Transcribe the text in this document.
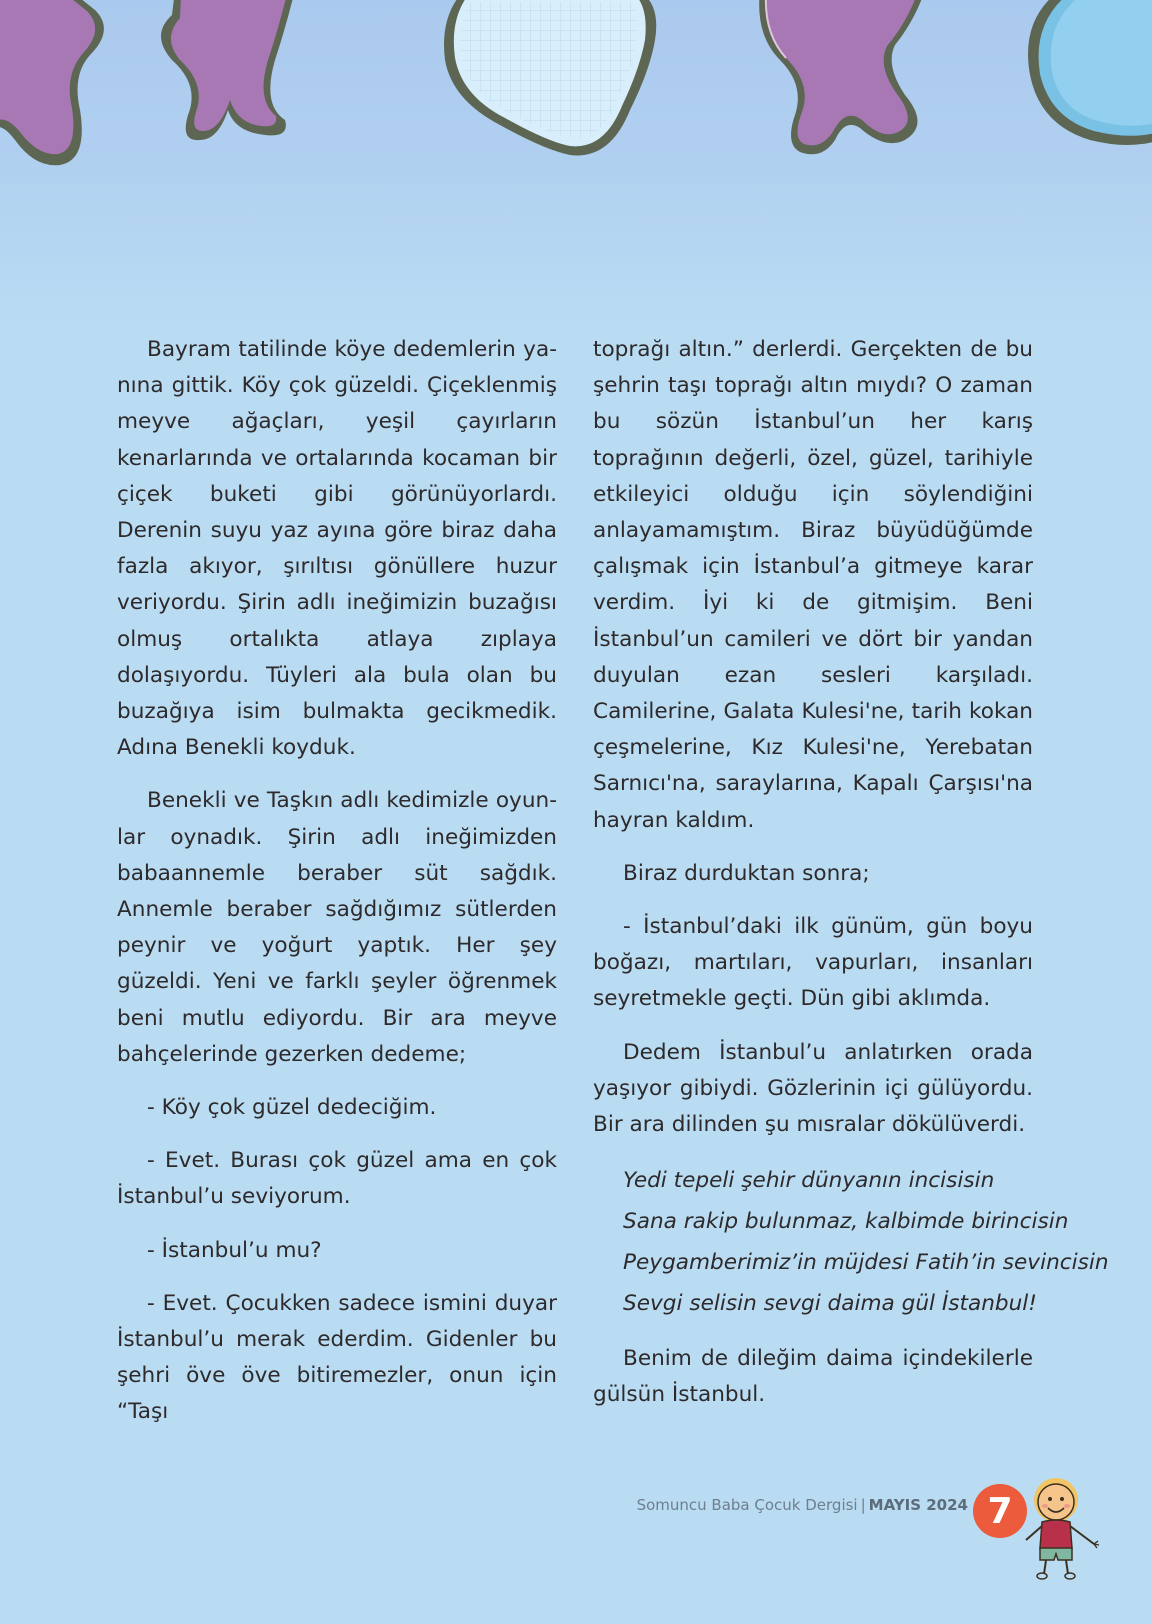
Bayram tatilinde köye dedemlerin yanına gittik. Köy çok güzeldi. Çiçeklenmiş meyve ağaçları, yeşil çayırların kenarlarında ve ortalarında kocaman bir çiçek buketi gibi görünüyorlardı. Derenin suyu yaz ayına göre biraz daha fazla akıyor, şırıltısı gönüllere huzur veriyordu. Şirin adlı ineğimizin buzağısı olmuş ortalıkta atlaya zıplaya dolaşıyordu. Tüyleri ala bula olan bu buzağıya isim bulmakta gecikmedik. Adına Benekli koyduk.

Benekli ve Taşkın adlı kedimizle oyunlar oynadık. Şirin adlı ineğimizden babaannemle beraber süt sağdık. Annemle beraber sağdığımız sütlerden peynir ve yoğurt yaptık. Her şey güzeldi. Yeni ve farklı şeyler öğrenmek beni mutlu ediyordu. Bir ara meyve bahçelerinde gezerken dedeme;

- Köy çok güzel dedeciğim.

- Evet. Burası çok güzel ama en çok İstanbul’u seviyorum.

- İstanbul’u mu?

- Evet. Çocukken sadece ismini duyar İstanbul’u merak ederdim. Gidenler bu şehri öve öve bitiremezler, onun için “Taşı

toprağı altın.” derlerdi. Gerçekten de bu şehrin taşı toprağı altın mıydı? O zaman bu sözün İstanbul’un her karış toprağının değerli, özel, güzel, tarihiyle etkileyici olduğu için söylendiğini anlayamamıştım. Biraz büyüdüğümde çalışmak için İstanbul’a gitmeye karar verdim. İyi ki de gitmişim. Beni İstanbul’un camileri ve dört bir yandan duyulan ezan sesleri karşıladı. Camilerine, Galata Kulesi'ne, tarih kokan çeşmelerine, Kız Kulesi'ne, Yerebatan Sarnıcı'na, saraylarına, Kapalı Çarşısı'na hayran kaldım.

Biraz durduktan sonra;

- İstanbul’daki ilk günüm, gün boyu boğazı, martıları, vapurları, insanları seyretmekle geçti. Dün gibi aklımda.

Dedem İstanbul’u anlatırken orada yaşıyor gibiydi. Gözlerinin içi gülüyordu. Bir ara dilinden şu mısralar dökülüverdi.

Yedi tepeli şehir dünyanın incisisin
Sana rakip bulunmaz, kalbimde birincisin
Peygamberimiz’in müjdesi Fatih’in sevincisin
Sevgi selisin sevgi daima gül İstanbul!

Benim de dileğim daima içindekilerle gülsün İstanbul.

Somuncu Baba Çocuk Dergisi | MAYIS 2024 7
